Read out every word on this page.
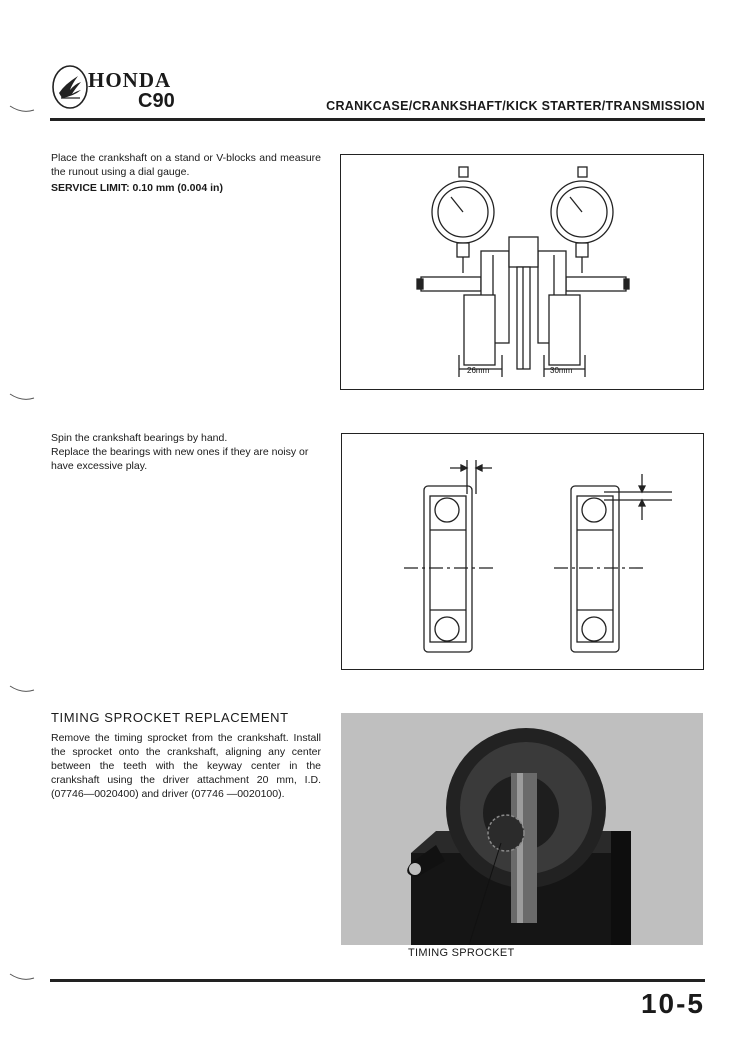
HONDA
C90	CRANKCASE/CRANKSHAFT/KICK STARTER/TRANSMISSION
Place the crankshaft on a stand or V-blocks and measure the runout using a dial gauge.
SERVICE LIMIT: 0.10 mm (0.004 in)
26mm	30mm
Spin the crankshaft bearings by hand.
Replace the bearings with new ones if they are noisy or have excessive play.
TIMING SPROCKET REPLACEMENT
Remove the timing sprocket from the crankshaft. Install the sprocket onto the crankshaft, aligning any center between the teeth with the keyway center in the crankshaft using the driver attachment 20 mm, I.D. (07746—0020400) and driver (07746 —0020100).
TIMING SPROCKET
10-5
